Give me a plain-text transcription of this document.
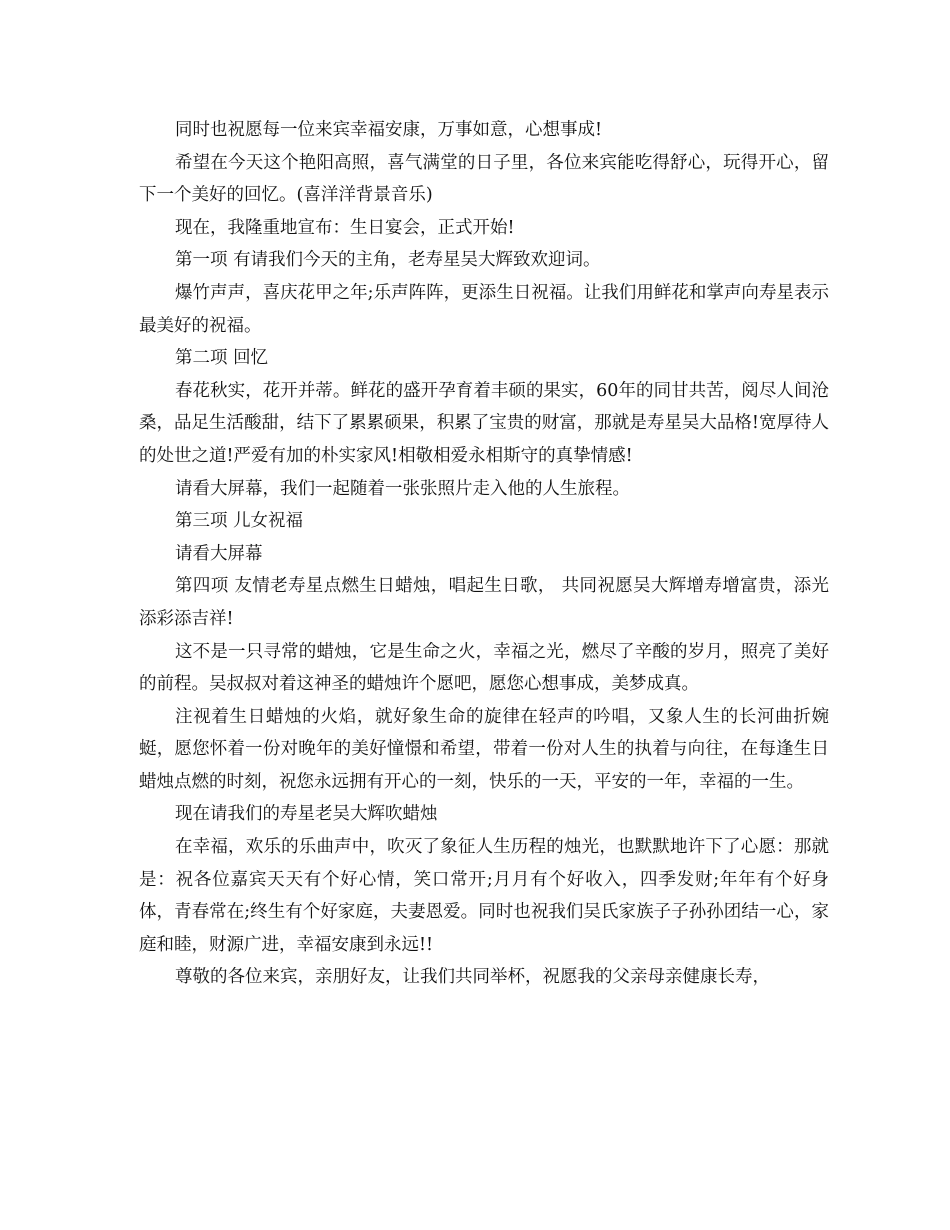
同时也祝愿每一位来宾幸福安康，万事如意，心想事成!

希望在今天这个艳阳高照，喜气满堂的日子里，各位来宾能吃得舒心，玩得开心，留下一个美好的回忆。(喜洋洋背景音乐)

现在，我隆重地宣布：生日宴会，正式开始!

第一项 有请我们今天的主角，老寿星吴大辉致欢迎词。

爆竹声声，喜庆花甲之年;乐声阵阵，更添生日祝福。让我们用鲜花和掌声向寿星表示最美好的祝福。

第二项 回忆

春花秋实，花开并蒂。鲜花的盛开孕育着丰硕的果实，60年的同甘共苦，阅尽人间沧桑，品足生活酸甜，结下了累累硕果，积累了宝贵的财富，那就是寿星吴大品格!宽厚待人的处世之道!严爱有加的朴实家风!相敬相爱永相斯守的真挚情感!

请看大屏幕，我们一起随着一张张照片走入他的人生旅程。

第三项 儿女祝福

请看大屏幕

第四项 友情老寿星点燃生日蜡烛，唱起生日歌， 共同祝愿吴大辉增寿增富贵，添光添彩添吉祥!

这不是一只寻常的蜡烛，它是生命之火，幸福之光，燃尽了辛酸的岁月，照亮了美好的前程。吴叔叔对着这神圣的蜡烛许个愿吧，愿您心想事成，美梦成真。

注视着生日蜡烛的火焰，就好象生命的旋律在轻声的吟唱，又象人生的长河曲折婉蜓，愿您怀着一份对晚年的美好憧憬和希望，带着一份对人生的执着与向往，在每逢生日蜡烛点燃的时刻，祝您永远拥有开心的一刻，快乐的一天，平安的一年，幸福的一生。

现在请我们的寿星老吴大辉吹蜡烛

在幸福，欢乐的乐曲声中，吹灭了象征人生历程的烛光，也默默地许下了心愿：那就是：祝各位嘉宾天天有个好心情，笑口常开;月月有个好收入，四季发财;年年有个好身体，青春常在;终生有个好家庭，夫妻恩爱。同时也祝我们吴氏家族子子孙孙团结一心，家庭和睦，财源广进，幸福安康到永远!!

尊敬的各位来宾，亲朋好友，让我们共同举杯，祝愿我的父亲母亲健康长寿，
